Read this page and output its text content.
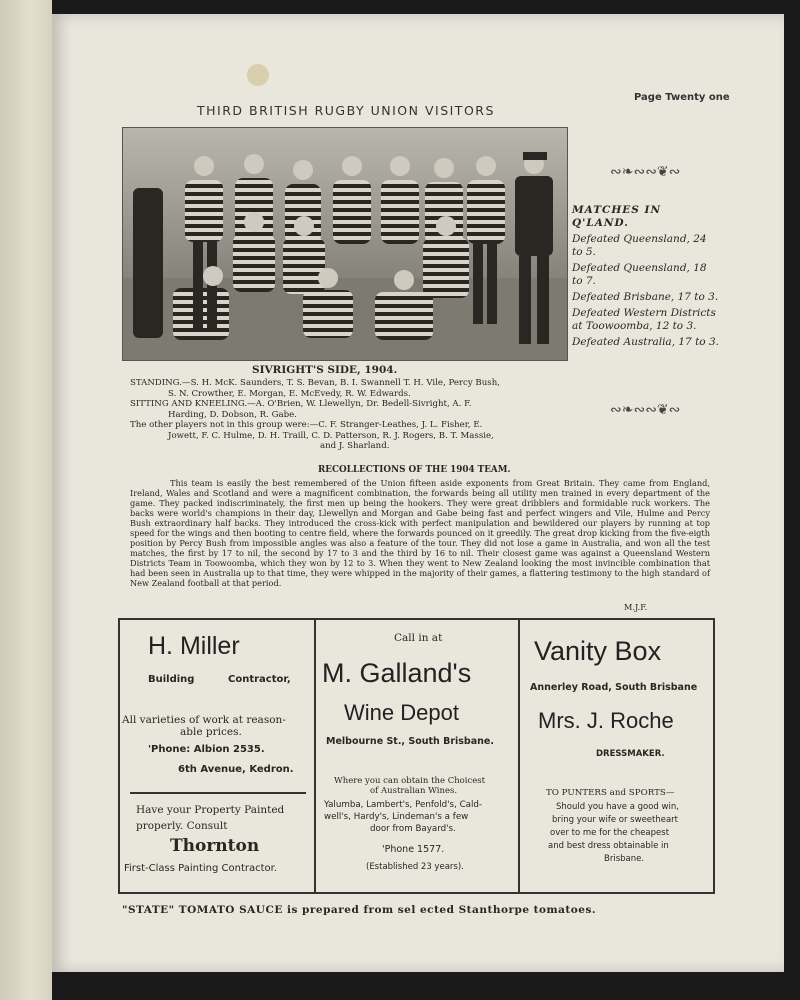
THIRD BRITISH RUGBY UNION VISITORS
Page Twenty one
∾❧∾∾❦∾
∾❧∾∾❦∾
MATCHES IN Q'LAND.
Defeated Queensland, 24 to 5.
Defeated Queensland, 18 to 7.
Defeated Brisbane, 17 to 3.
Defeated Western Districts at Toowoomba, 12 to 3.
Defeated Australia, 17 to 3.
SIVRIGHT'S SIDE, 1904.
STANDING.—S. H. McK. Saunders, T. S. Bevan, B. I. Swannell T. H. Vile, Percy Bush,
S. N. Crowther, E. Morgan, E. McEvedy, R. W. Edwards.
SITTING AND KNEELING.—A. O'Brien, W. Llewellyn, Dr. Bedell-Sivright, A. F.
Harding, D. Dobson, R. Gabe.
The other players not in this group were:—C. F. Stranger-Leathes, J. L. Fisher, E.
Jowett, F. C. Hulme, D. H. Traill, C. D. Patterson, R. J. Rogers, B. T. Massie,
and J. Sharland.
RECOLLECTIONS OF THE 1904 TEAM.
This team is easily the best remembered of the Union fifteen aside exponents from Great Britain. They came from England, Ireland, Wales and Scotland and were a magnificent combination, the forwards being all utility men trained in every department of the game. They packed indiscriminately, the first men up being the hookers. They were great dribblers and formidable ruck workers. The backs were world's champions in their day, Llewellyn and Morgan and Gabe being fast and perfect wingers and Vile, Hulme and Percy Bush extraordinary half backs. They introduced the cross-kick with perfect manipulation and bewildered our players by running at top speed for the wings and then booting to centre field, where the forwards pounced on it greedily. The great drop kicking from the five-eigth position by Percy Bush from impossible angles was also a feature of the tour. They did not lose a game in Australia, and won all the test matches, the first by 17 to nil, the second by 17 to 3 and the third by 16 to nil. Their closest game was against a Queensland Western Districts Team in Toowoomba, which they won by 12 to 3. When they went to New Zealand looking the most invincible combination that had been seen in Australia up to that time, they were whipped in the majority of their games, a flattering testimony to the high standard of New Zealand football at that period.
M.J.F.
H. Miller
Building	Contractor,
All varieties of work at reason-
able prices.
'Phone: Albion 2535.
6th Avenue, Kedron.
Have your Property Painted
properly. Consult
Thornton
First-Class Painting Contractor.
Call in at
M. Galland's
Wine Depot
Melbourne St., South Brisbane.
Where you can obtain the Choicest
of Australian Wines.
Yalumba, Lambert's, Penfold's, Cald-
well's, Hardy's, Lindeman's a few
door from Bayard's.
'Phone 1577.
(Established 23 years).
Vanity Box
Annerley Road, South Brisbane
Mrs. J. Roche
DRESSMAKER.
TO PUNTERS and SPORTS—
Should you have a good win,
bring your wife or sweetheart
over to me for the cheapest
and best dress obtainable in
Brisbane.
"STATE" TOMATO SAUCE is prepared from sel ected Stanthorpe tomatoes.
